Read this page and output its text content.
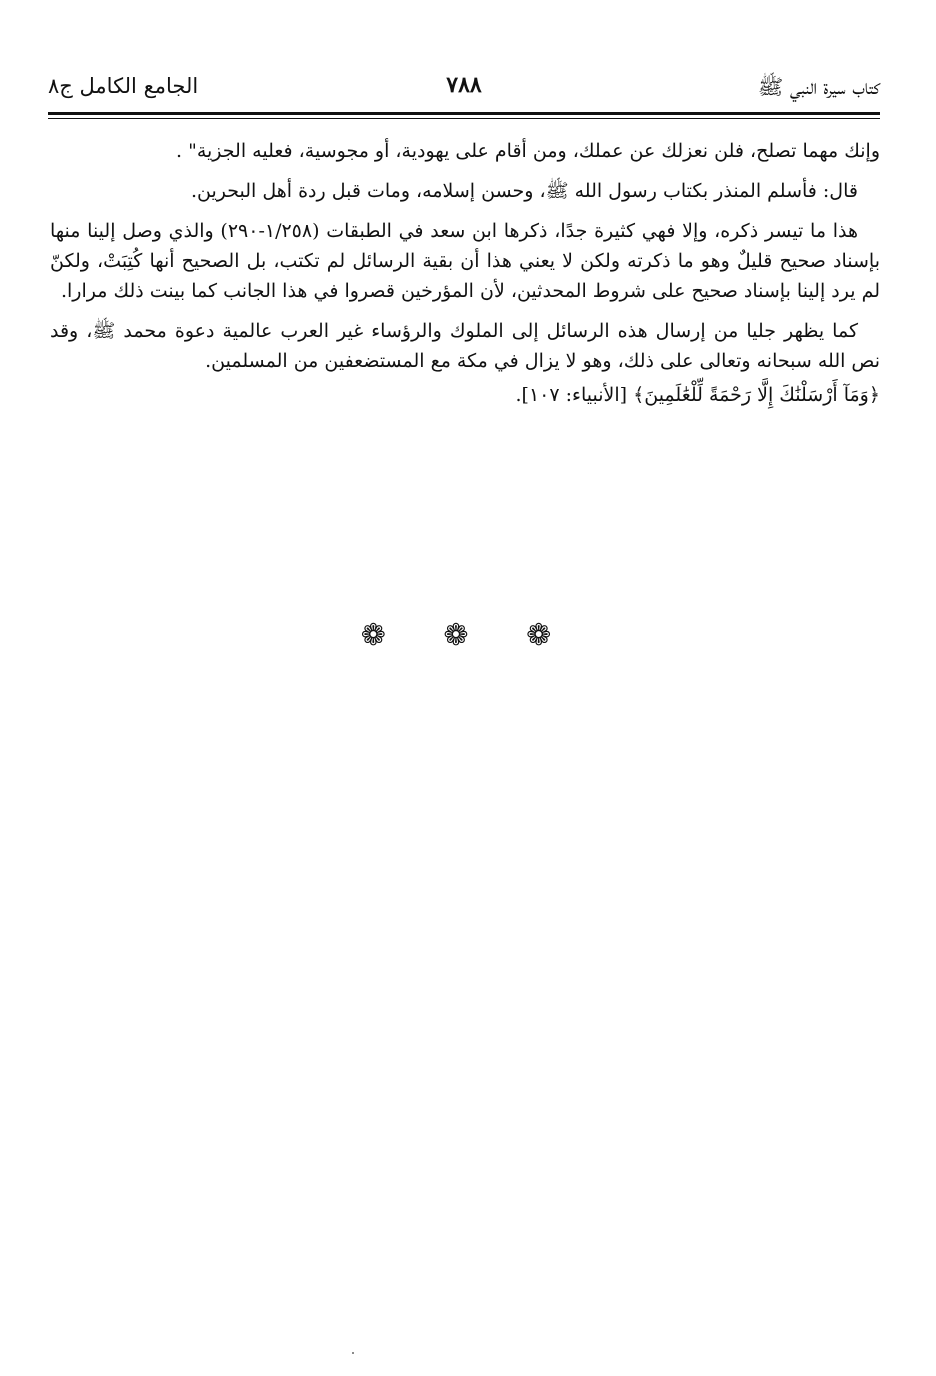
كتاب سيرة النبي ﷺ
٧٨٨
الجامع الكامل ج٨

وإنك مهما تصلح، فلن نعزلك عن عملك، ومن أقام على يهودية، أو مجوسية، فعليه الجزية" .

قال: فأسلم المنذر بكتاب رسول الله ﷺ، وحسن إسلامه، ومات قبل ردة أهل البحرين.

هذا ما تيسر ذكره، وإلا فهي كثيرة جدًا، ذكرها ابن سعد في الطبقات (١/٢٥٨-٢٩٠) والذي وصل إلينا منها بإسناد صحيح قليلٌ وهو ما ذكرته ولكن لا يعني هذا أن بقية الرسائل لم تكتب، بل الصحيح أنها كُتِبَتْ، ولكنّ لم يرد إلينا بإسناد صحيح على شروط المحدثين، لأن المؤرخين قصروا في هذا الجانب كما بينت ذلك مرارا.

كما يظهر جليا من إرسال هذه الرسائل إلى الملوك والرؤساء غير العرب عالمية دعوة محمد ﷺ، وقد نص الله سبحانه وتعالى على ذلك، وهو لا يزال في مكة مع المستضعفين من المسلمين.

﴿وَمَآ أَرْسَلْنَٰكَ إِلَّا رَحْمَةً لِّلْعَٰلَمِينَ﴾ [الأنبياء: ١٠٧].

❁ ❁ ❁
